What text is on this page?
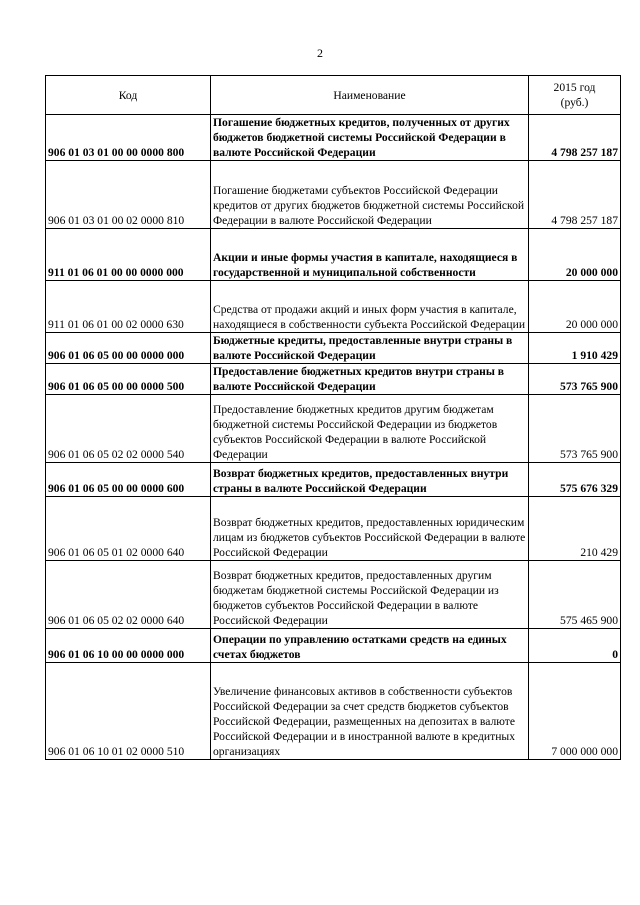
2
Код	Наименование	2015 год
(руб.)
906 01 03 01 00 00 0000 800	Погашение бюджетных кредитов, полученных от других бюджетов бюджетной системы Российской Федерации в валюте Российской Федерации	4 798 257 187
906 01 03 01 00 02 0000 810	Погашение бюджетами субъектов Российской Федерации кредитов от других бюджетов бюджетной системы Российской Федерации в валюте Российской Федерации	4 798 257 187
911 01 06 01 00 00 0000 000	Акции и иные формы участия в капитале, находящиеся в государственной и муниципальной собственности	20 000 000
911 01 06 01 00 02 0000 630	Средства от продажи акций и иных форм участия в капитале, находящиеся в собственности субъекта Российской Федерации	20 000 000
906 01 06 05 00 00 0000 000	Бюджетные кредиты, предоставленные внутри страны в валюте Российской Федерации	1 910 429
906 01 06 05 00 00 0000 500	Предоставление бюджетных кредитов внутри страны в валюте Российской Федерации	573 765 900
906 01 06 05 02 02 0000 540	Предоставление бюджетных кредитов другим бюджетам бюджетной системы Российской Федерации из бюджетов субъектов Российской Федерации в валюте Российской Федерации	573 765 900
906 01 06 05 00 00 0000 600	Возврат бюджетных кредитов, предоставленных внутри страны в валюте Российской Федерации	575 676 329
906 01 06 05 01 02 0000 640	Возврат бюджетных кредитов, предоставленных юридическим лицам из бюджетов субъектов Российской Федерации в валюте Российской Федерации	210 429
906 01 06 05 02 02 0000 640	Возврат бюджетных кредитов, предоставленных другим бюджетам бюджетной системы Российской Федерации из бюджетов субъектов Российской Федерации в валюте Российской Федерации	575 465 900
906 01 06 10 00 00 0000 000	Операции по управлению остатками средств на единых счетах бюджетов	0
906 01 06 10 01 02 0000 510	Увеличение финансовых активов в собственности субъектов Российской Федерации за счет средств бюджетов субъектов Российской Федерации, размещенных на депозитах в валюте Российской Федерации и в иностранной валюте в кредитных организациях	7 000 000 000
